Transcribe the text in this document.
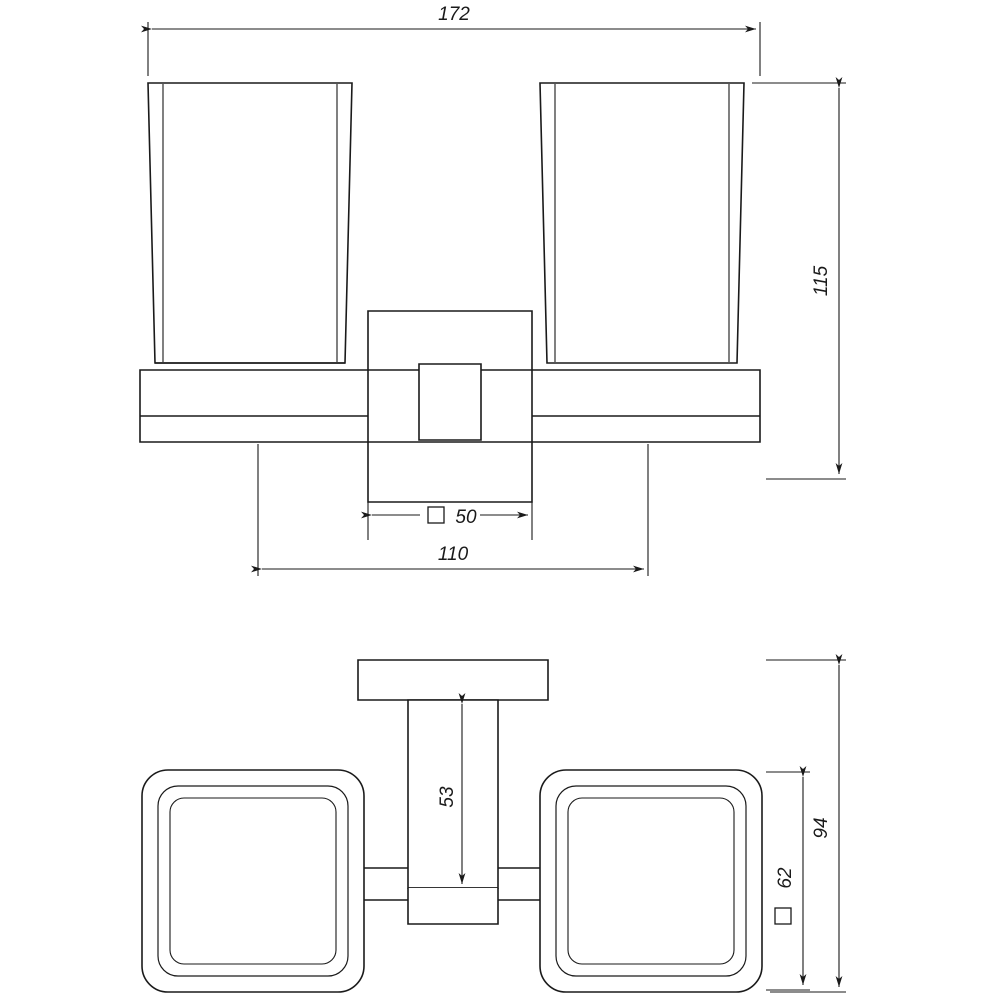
172
115
50
110
53
94
62
